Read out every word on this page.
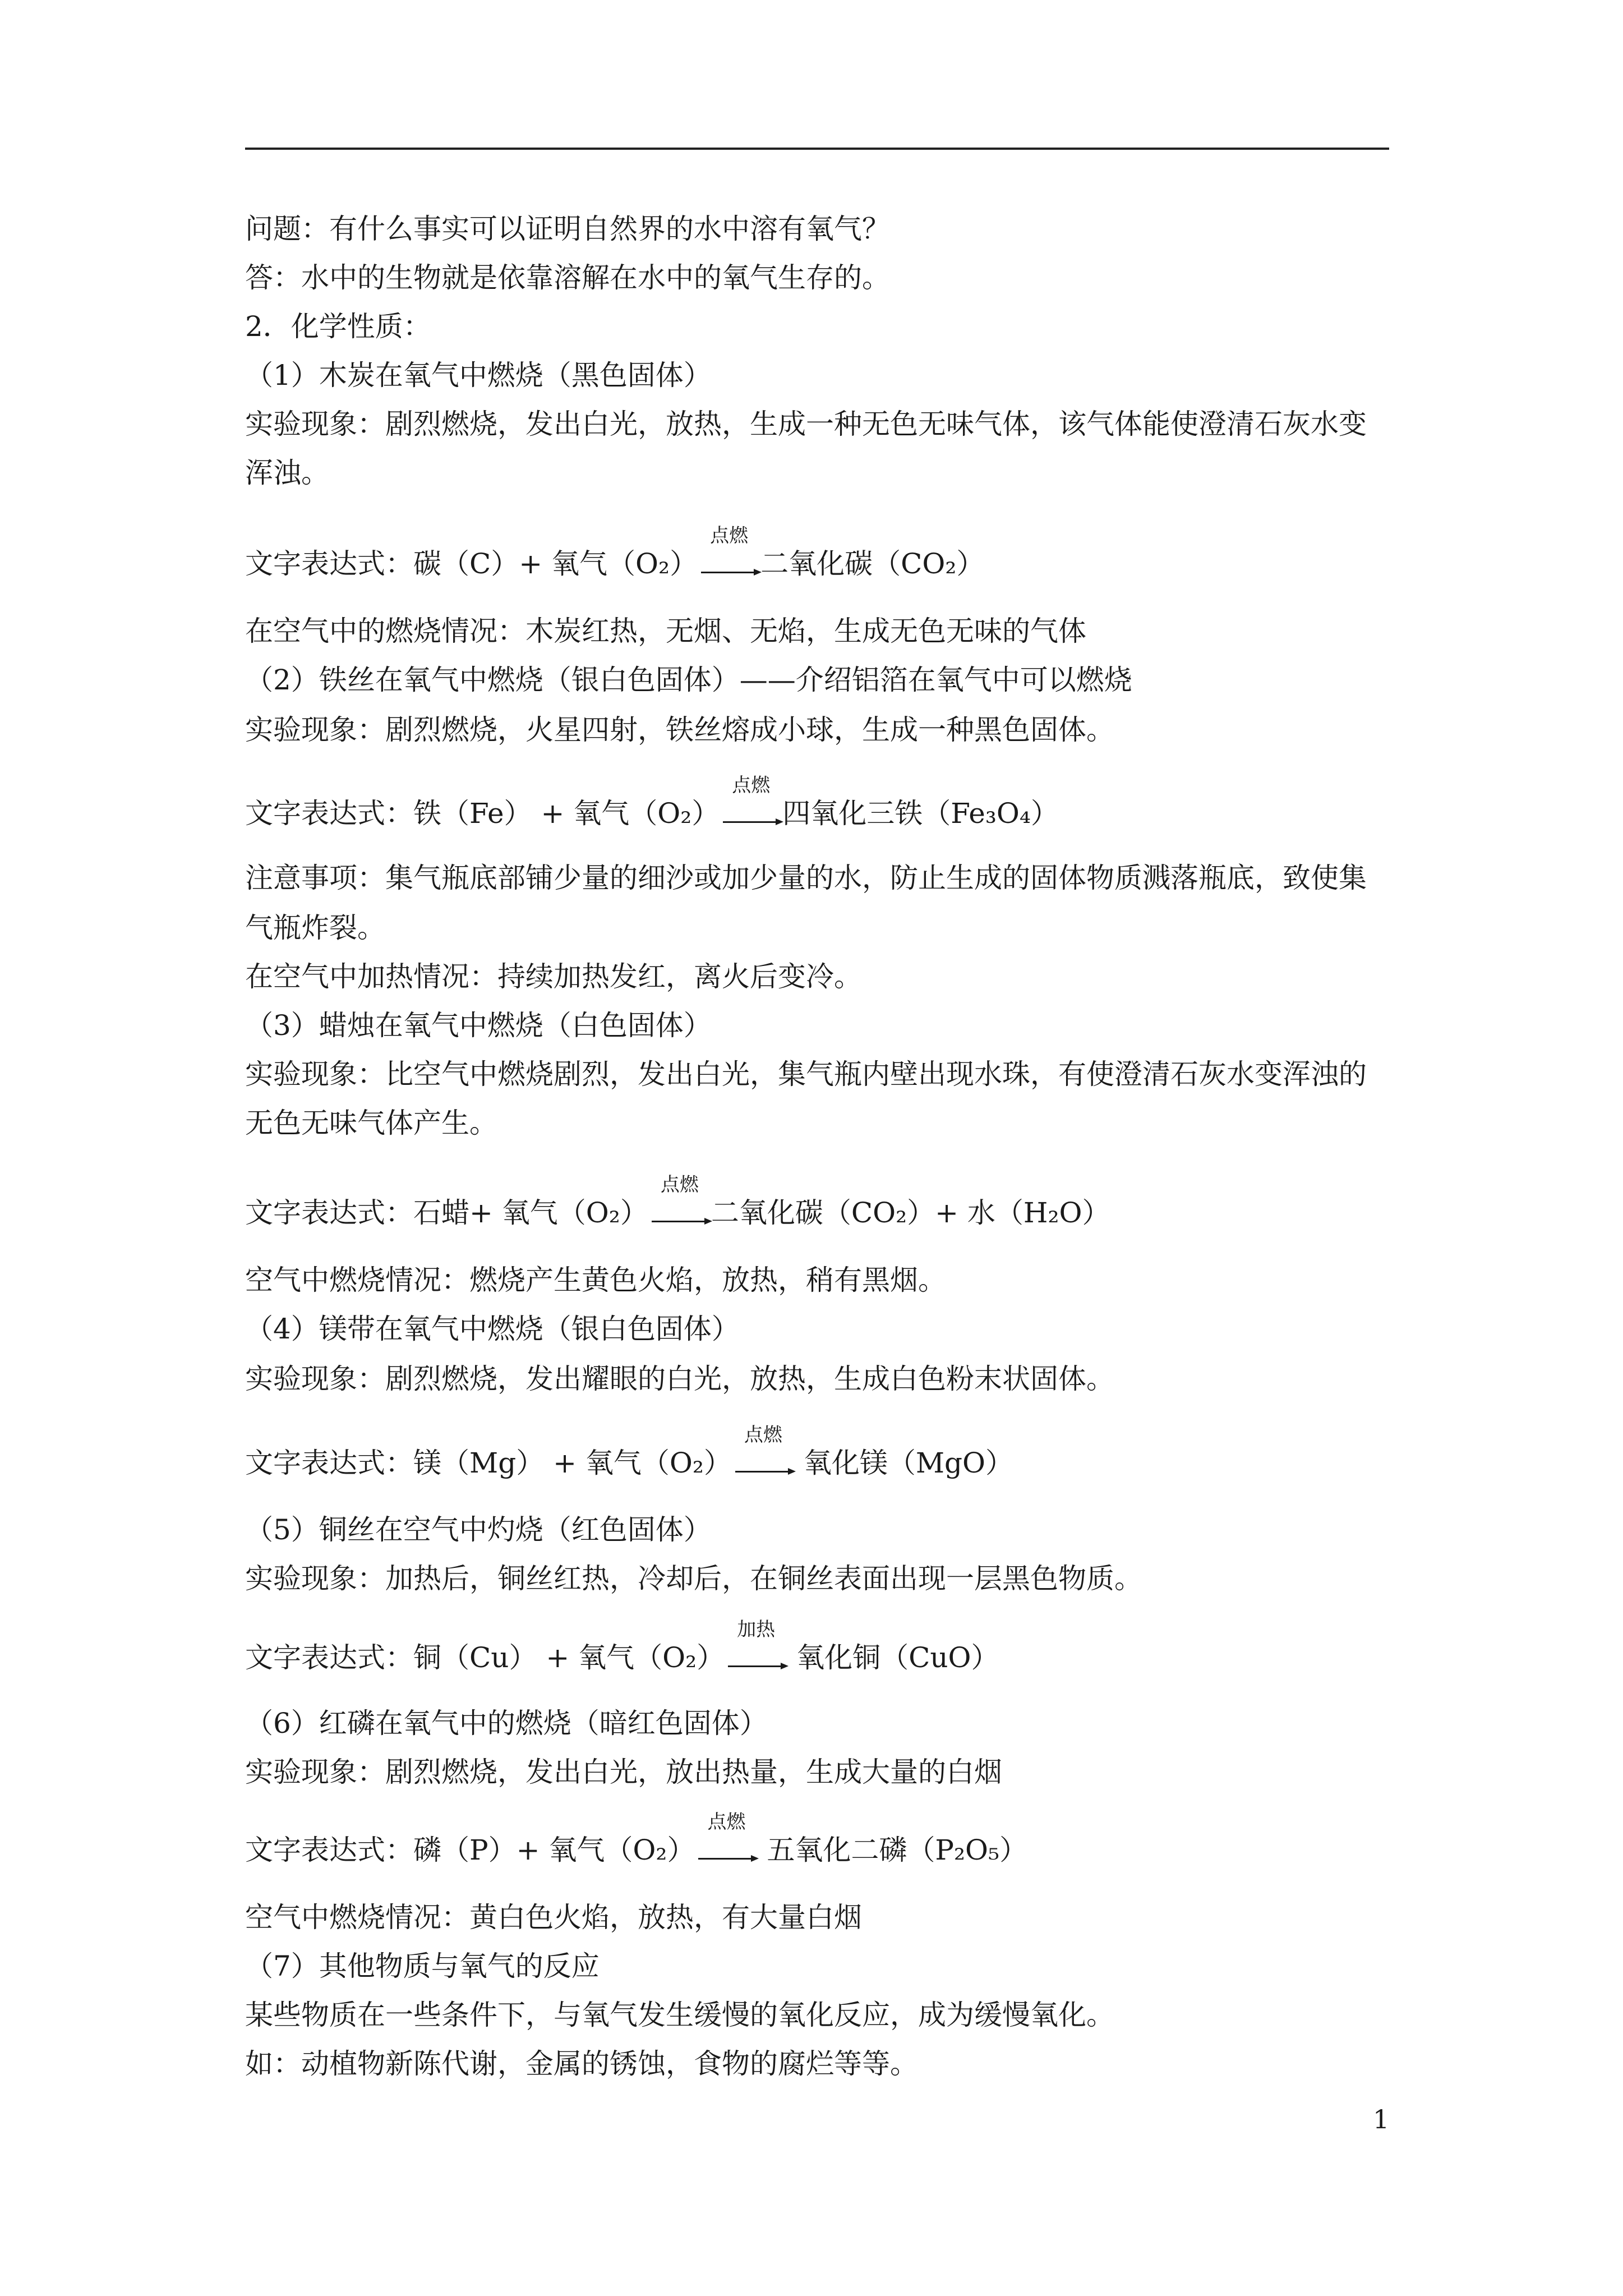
问题：有什么事实可以证明自然界的水中溶有氧气？
答：水中的生物就是依靠溶解在水中的氧气生存的。
2．化学性质：
（1）木炭在氧气中燃烧（黑色固体）
实验现象：剧烈燃烧，发出白光，放热，生成一种无色无味气体，该气体能使澄清石灰水变
浑浊。
文字表达式：碳（C）+ 氧气（O₂）
点燃
二氧化碳（CO₂）
在空气中的燃烧情况：木炭红热，无烟、无焰，生成无色无味的气体
（2）铁丝在氧气中燃烧（银白色固体）——介绍铝箔在氧气中可以燃烧
实验现象：剧烈燃烧，火星四射，铁丝熔成小球，生成一种黑色固体。
文字表达式：铁（Fe） + 氧气（O₂）
点燃
四氧化三铁（Fe₃O₄）
注意事项：集气瓶底部铺少量的细沙或加少量的水，防止生成的固体物质溅落瓶底，致使集
气瓶炸裂。
在空气中加热情况：持续加热发红，离火后变冷。
（3）蜡烛在氧气中燃烧（白色固体）
实验现象：比空气中燃烧剧烈，发出白光，集气瓶内壁出现水珠，有使澄清石灰水变浑浊的
无色无味气体产生。
文字表达式：石蜡+ 氧气（O₂）
点燃
二氧化碳（CO₂）+ 水（H₂O）
空气中燃烧情况：燃烧产生黄色火焰，放热，稍有黑烟。
（4）镁带在氧气中燃烧（银白色固体）
实验现象：剧烈燃烧，发出耀眼的白光，放热，生成白色粉末状固体。
文字表达式：镁（Mg） + 氧气（O₂）
点燃
氧化镁（MgO）
（5）铜丝在空气中灼烧（红色固体）
实验现象：加热后，铜丝红热，冷却后，在铜丝表面出现一层黑色物质。
文字表达式：铜（Cu） + 氧气（O₂）
加热
氧化铜（CuO）
（6）红磷在氧气中的燃烧（暗红色固体）
实验现象：剧烈燃烧，发出白光，放出热量，生成大量的白烟
文字表达式：磷（P）+ 氧气（O₂）
点燃
五氧化二磷（P₂O₅）
空气中燃烧情况：黄白色火焰，放热，有大量白烟
（7）其他物质与氧气的反应
某些物质在一些条件下，与氧气发生缓慢的氧化反应，成为缓慢氧化。
如：动植物新陈代谢，金属的锈蚀，食物的腐烂等等。
1
